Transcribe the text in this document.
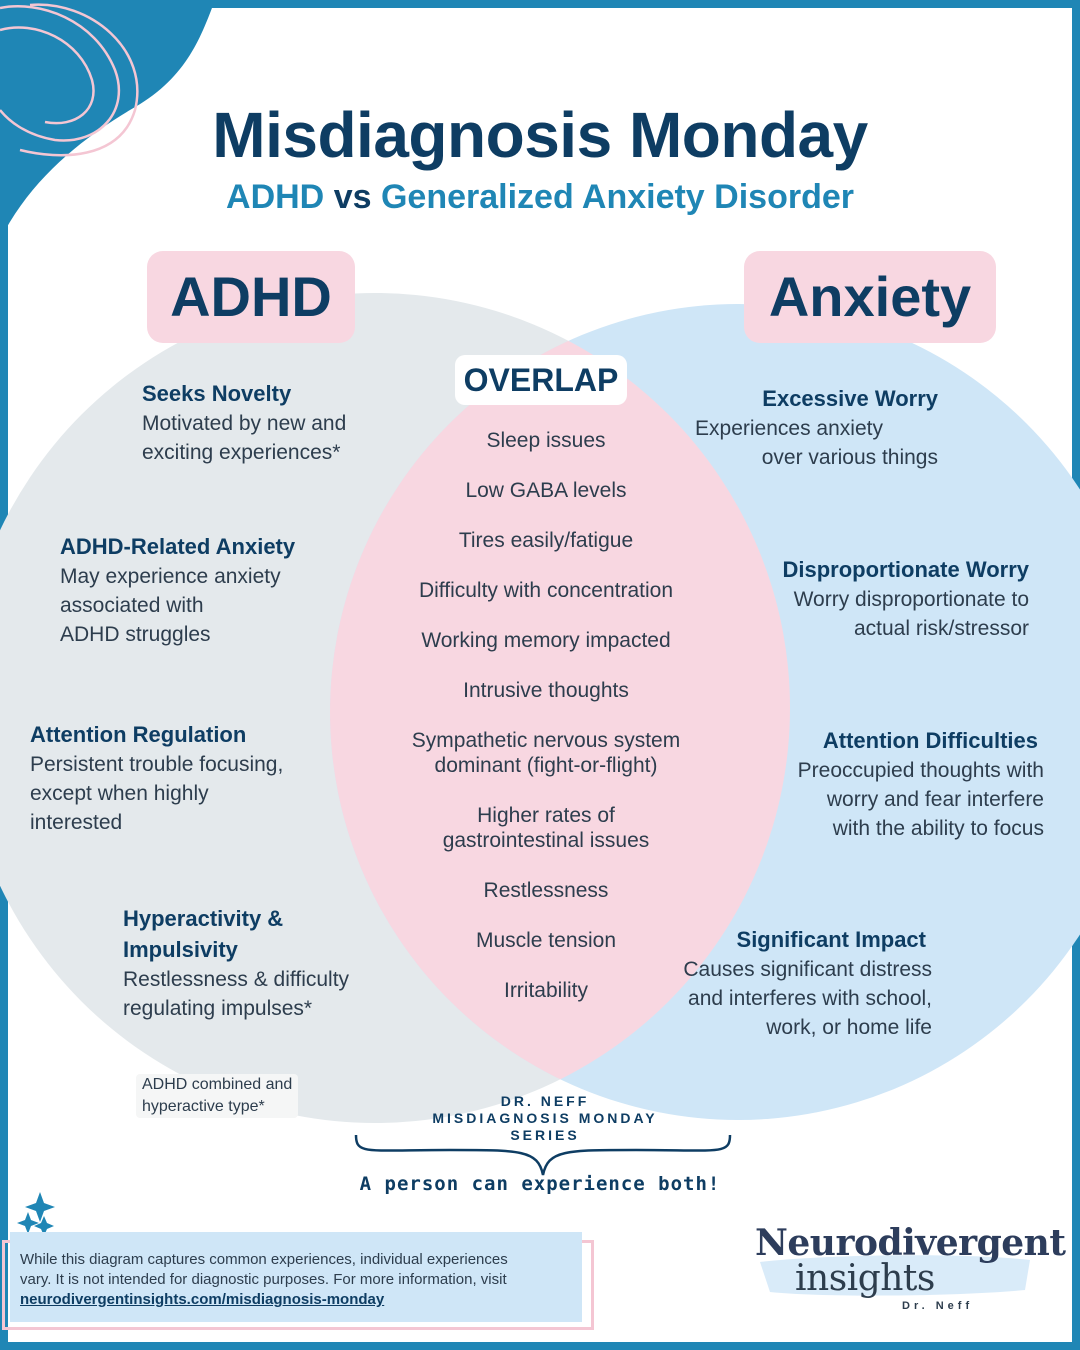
Misdiagnosis Monday
ADHD vs Generalized Anxiety Disorder
ADHD	Anxiety
OVERLAP
Seeks Novelty
Motivated by new and
exciting experiences*
ADHD-Related Anxiety
May experience anxiety
associated with
ADHD struggles
Attention Regulation
Persistent trouble focusing,
except when highly
interested
Hyperactivity &
Impulsivity
Restlessness & difficulty
regulating impulses*
ADHD combined and
hyperactive type*
Sleep issues
Low GABA levels
Tires easily/fatigue
Difficulty with concentration
Working memory impacted
Intrusive thoughts
Sympathetic nervous system
dominant (fight-or-flight)
Higher rates of
gastrointestinal issues
Restlessness
Muscle tension
Irritability
Excessive Worry
Experiences anxiety
over various things
Disproportionate Worry
Worry disproportionate to
actual risk/stressor
Attention Difficulties
Preoccupied thoughts with
worry and fear interfere
with the ability to focus
Significant Impact
Causes significant distress
and interferes with school,
work, or home life
DR. NEFF
MISDIAGNOSIS MONDAY
SERIES
A person can experience both!
While this diagram captures common experiences, individual experiences
vary. It is not intended for diagnostic purposes. For more information, visit
neurodivergentinsights.com/misdiagnosis-monday
Neurodivergent
insights
Dr. Neff
